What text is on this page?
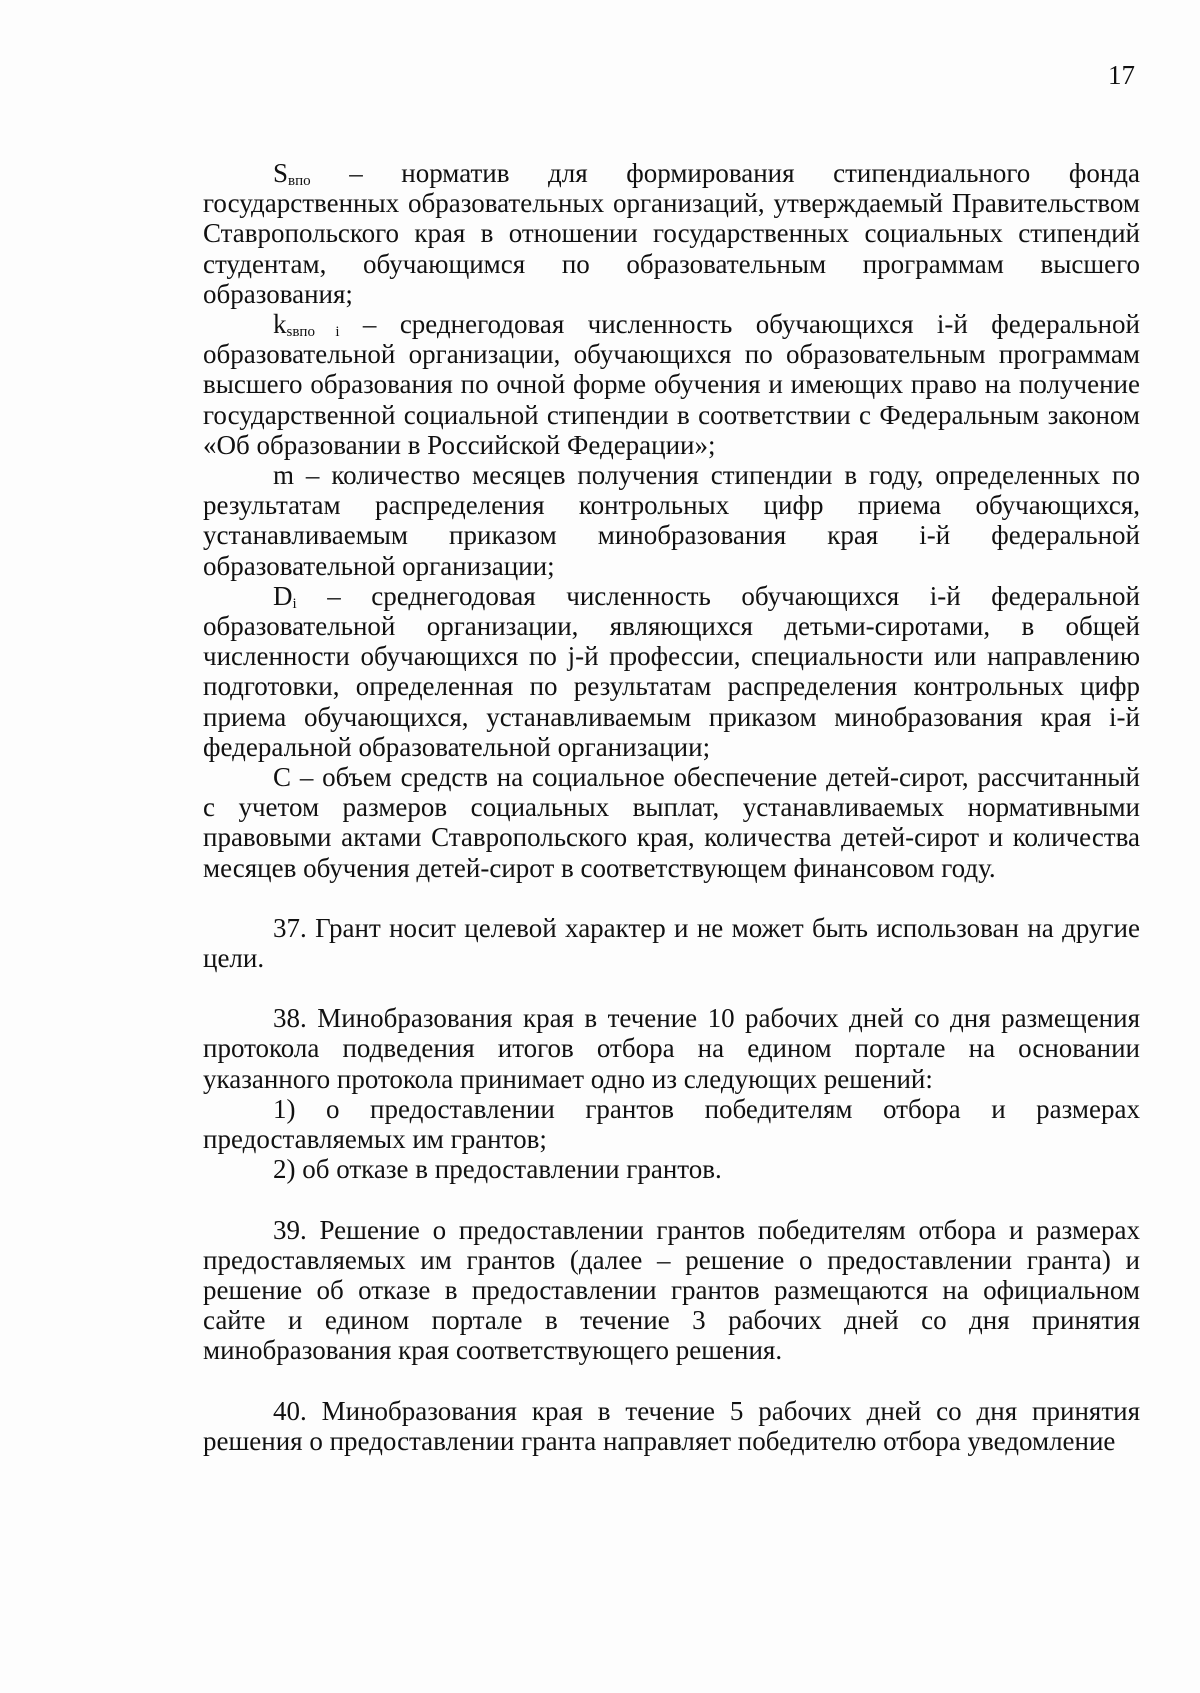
17

$S_{впо}$ – норматив для формирования стипендиального фонда государственных образовательных организаций, утверждаемый Правительством Ставропольского края в отношении государственных социальных стипендий студентам, обучающимся по образовательным программам высшего образования;

$k_{sвпо i}$ – среднегодовая численность обучающихся i-й федеральной образовательной организации, обучающихся по образовательным программам высшего образования по очной форме обучения и имеющих право на получение государственной социальной стипендии в соответствии с Федеральным законом «Об образовании в Российской Федерации»;

m – количество месяцев получения стипендии в году, определенных по результатам распределения контрольных цифр приема обучающихся, устанавливаемым приказом минобразования края i-й федеральной образовательной организации;

$D_i$ – среднегодовая численность обучающихся i-й федеральной образовательной организации, являющихся детьми-сиротами, в общей численности обучающихся по j-й профессии, специальности или направлению подготовки, определенная по результатам распределения контрольных цифр приема обучающихся, устанавливаемым приказом минобразования края i-й федеральной образовательной организации;

С – объем средств на социальное обеспечение детей-сирот, рассчитанный с учетом размеров социальных выплат, устанавливаемых нормативными правовыми актами Ставропольского края, количества детей-сирот и количества месяцев обучения детей-сирот в соответствующем финансовом году.

37. Грант носит целевой характер и не может быть использован на другие цели.

38. Минобразования края в течение 10 рабочих дней со дня размещения протокола подведения итогов отбора на едином портале на основании указанного протокола принимает одно из следующих решений:

1) о предоставлении грантов победителям отбора и размерах предоставляемых им грантов;

2) об отказе в предоставлении грантов.

39. Решение о предоставлении грантов победителям отбора и размерах предоставляемых им грантов (далее – решение о предоставлении гранта) и решение об отказе в предоставлении грантов размещаются на официальном сайте и едином портале в течение 3 рабочих дней со дня принятия минобразования края соответствующего решения.

40. Минобразования края в течение 5 рабочих дней со дня принятия решения о предоставлении гранта направляет победителю отбора уведомление
